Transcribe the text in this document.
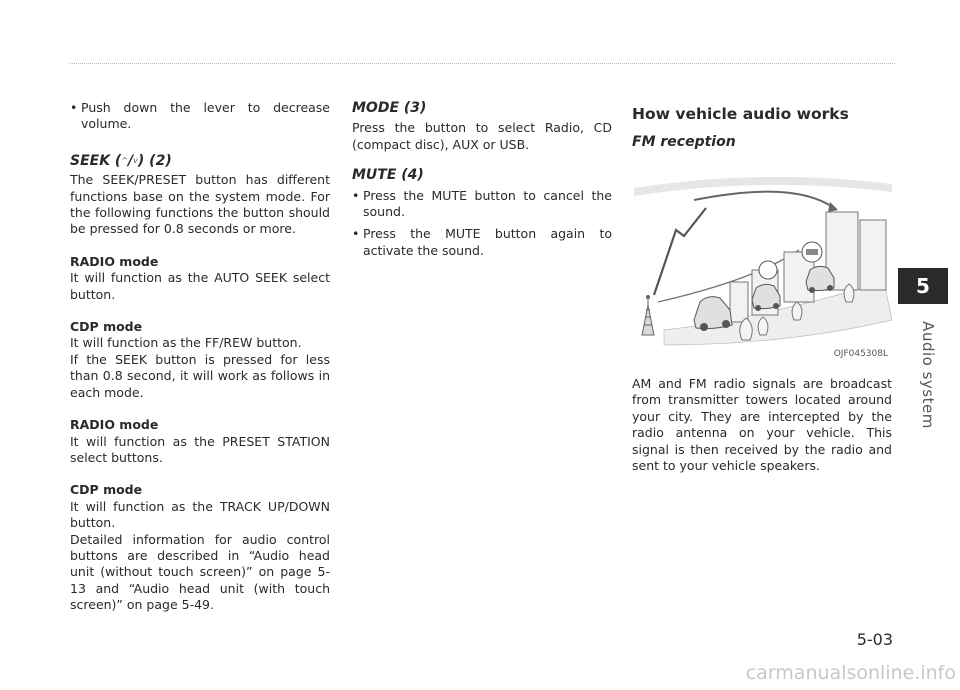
• Push down the lever to decrease volume.

SEEK (^/v) (2)

The SEEK/PRESET button has different functions base on the system mode. For the following functions the button should be pressed for 0.8 seconds or more.

RADIO mode

It will function as the AUTO SEEK select button.

CDP mode

It will function as the FF/REW button.

If the SEEK button is pressed for less than 0.8 second, it will work as follows in each mode.

RADIO mode

It will function as the PRESET STATION select buttons.

CDP mode

It will function as the TRACK UP/DOWN button.

Detailed information for audio control buttons are described in “Audio head unit (without touch screen)” on page 5-13 and “Audio head unit (with touch screen)” on page 5-49.

MODE (3)

Press the button to select Radio, CD (compact disc), AUX or USB.

MUTE (4)

• Press the MUTE button to cancel the sound.

• Press the MUTE button again to activate the sound.

How vehicle audio works

FM reception

OJF045308L

AM and FM radio signals are broadcast from transmitter towers located around your city. They are intercepted by the radio antenna on your vehicle. This signal is then received by the radio and sent to your vehicle speakers.

5
Audio system
5-03
carmanualsonline.info
